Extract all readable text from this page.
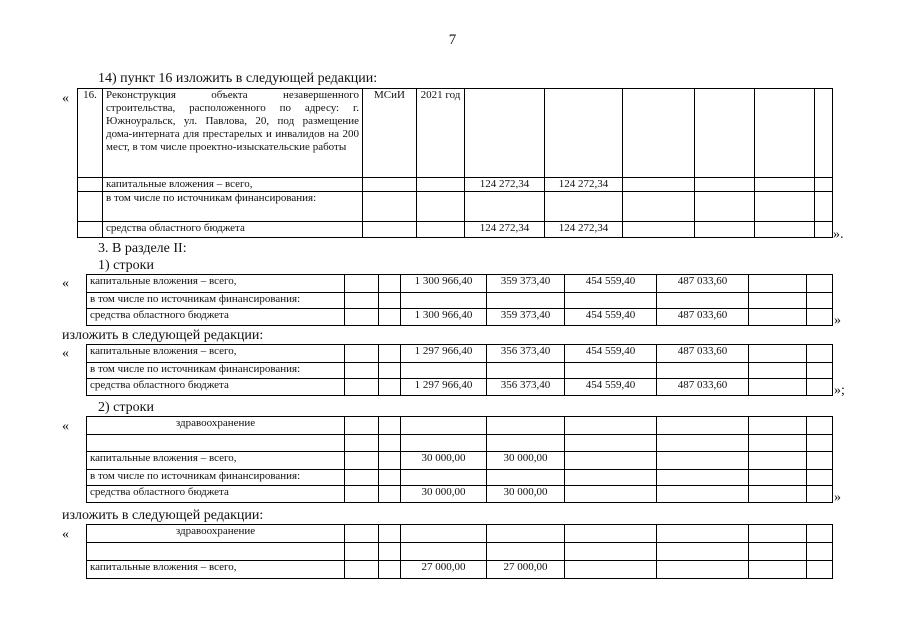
7
14) пункт 16 изложить в следующей редакции:
« 16.	Реконструкция объекта незавершенного строительства, расположенного по адресу: г. Южноуральск, ул. Павлова, 20, под размещение дома-интерната для престарелых и инвалидов на 200 мест, в том числе проектно-изыскательские работы	МСиИ	2021 год						
	капитальные вложения – всего,			124 272,34	124 272,34				
	в том числе по источникам финансирования:								
	средства областного бюджета			124 272,34	124 272,34					».
3. В разделе II:
1) строки
« капитальные вложения – всего,			1 300 966,40	359 373,40	454 559,40	487 033,60		
в том числе по источникам финансирования:								
средства областного бюджета			1 300 966,40	359 373,40	454 559,40	487 033,60			»
изложить в следующей редакции:
« капитальные вложения – всего,			1 297 966,40	356 373,40	454 559,40	487 033,60		
в том числе по источникам финансирования:								
средства областного бюджета			1 297 966,40	356 373,40	454 559,40	487 033,60			»;
2) строки
«	здравоохранение								

капитальные вложения – всего,			30 000,00	30 000,00				
в том числе по источникам финансирования:								
средства областного бюджета			30 000,00	30 000,00					»
изложить в следующей редакции:
«	здравоохранение								

капитальные вложения – всего,			27 000,00	27 000,00				
